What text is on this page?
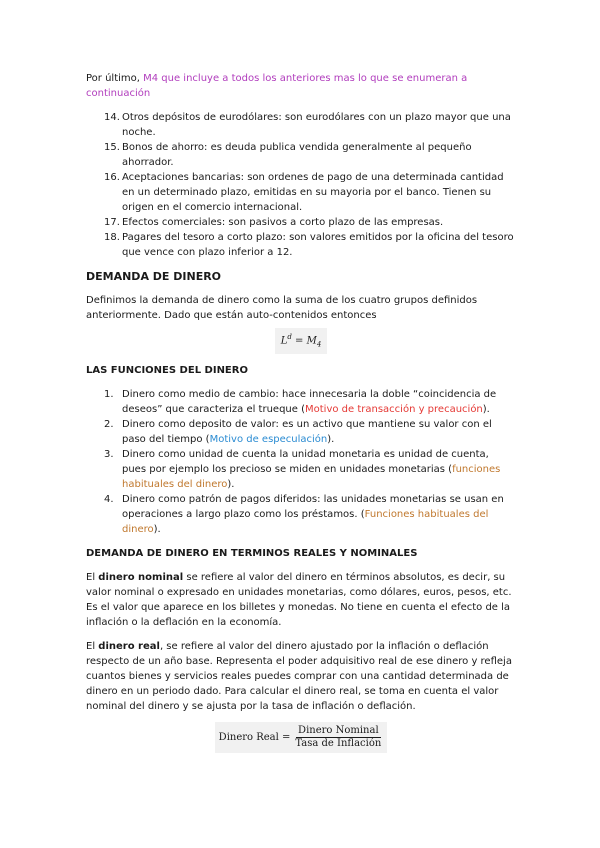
Por último, M4 que incluye a todos los anteriores mas lo que se enumeran a continuación

14. Otros depósitos de eurodólares: son eurodólares con un plazo mayor que una noche.
15. Bonos de ahorro: es deuda publica vendida generalmente al pequeño ahorrador.
16. Aceptaciones bancarias: son ordenes de pago de una determinada cantidad en un determinado plazo, emitidas en su mayoria por el banco. Tienen su origen en el comercio internacional.
17. Efectos comerciales: son pasivos a corto plazo de las empresas.
18. Pagares del tesoro a corto plazo: son valores emitidos por la oficina del tesoro que vence con plazo inferior a 12.
DEMANDA DE DINERO

Definimos la demanda de dinero como la suma de los cuatro grupos definidos anteriormente. Dado que están auto-contenidos entonces

$L^d = M_4$
LAS FUNCIONES DEL DINERO
1. Dinero como medio de cambio: hace innecesaria la doble “coincidencia de deseos” que caracteriza el trueque (Motivo de transacción y precaución).
2. Dinero como deposito de valor: es un activo que mantiene su valor con el paso del tiempo (Motivo de especulación).
3. Dinero como unidad de cuenta la unidad monetaria es unidad de cuenta, pues por ejemplo los precioso se miden en unidades monetarias (funciones habituales del dinero).
4. Dinero como patrón de pagos diferidos: las unidades monetarias se usan en operaciones a largo plazo como los préstamos. (Funciones habituales del dinero).
DEMANDA DE DINERO EN TERMINOS REALES Y NOMINALES

El dinero nominal se refiere al valor del dinero en términos absolutos, es decir, su valor nominal o expresado en unidades monetarias, como dólares, euros, pesos, etc. Es el valor que aparece en los billetes y monedas. No tiene en cuenta el efecto de la inflación o la deflación en la economía.

El dinero real, se refiere al valor del dinero ajustado por la inflación o deflación respecto de un año base. Representa el poder adquisitivo real de ese dinero y refleja cuantos bienes y servicios reales puedes comprar con una cantidad determinada de dinero en un periodo dado. Para calcular el dinero real, se toma en cuenta el valor nominal del dinero y se ajusta por la tasa de inflación o deflación.

Dinero Real = $\frac{\text{Dinero Nominal}}{\text{Tasa de Inflación}}$
